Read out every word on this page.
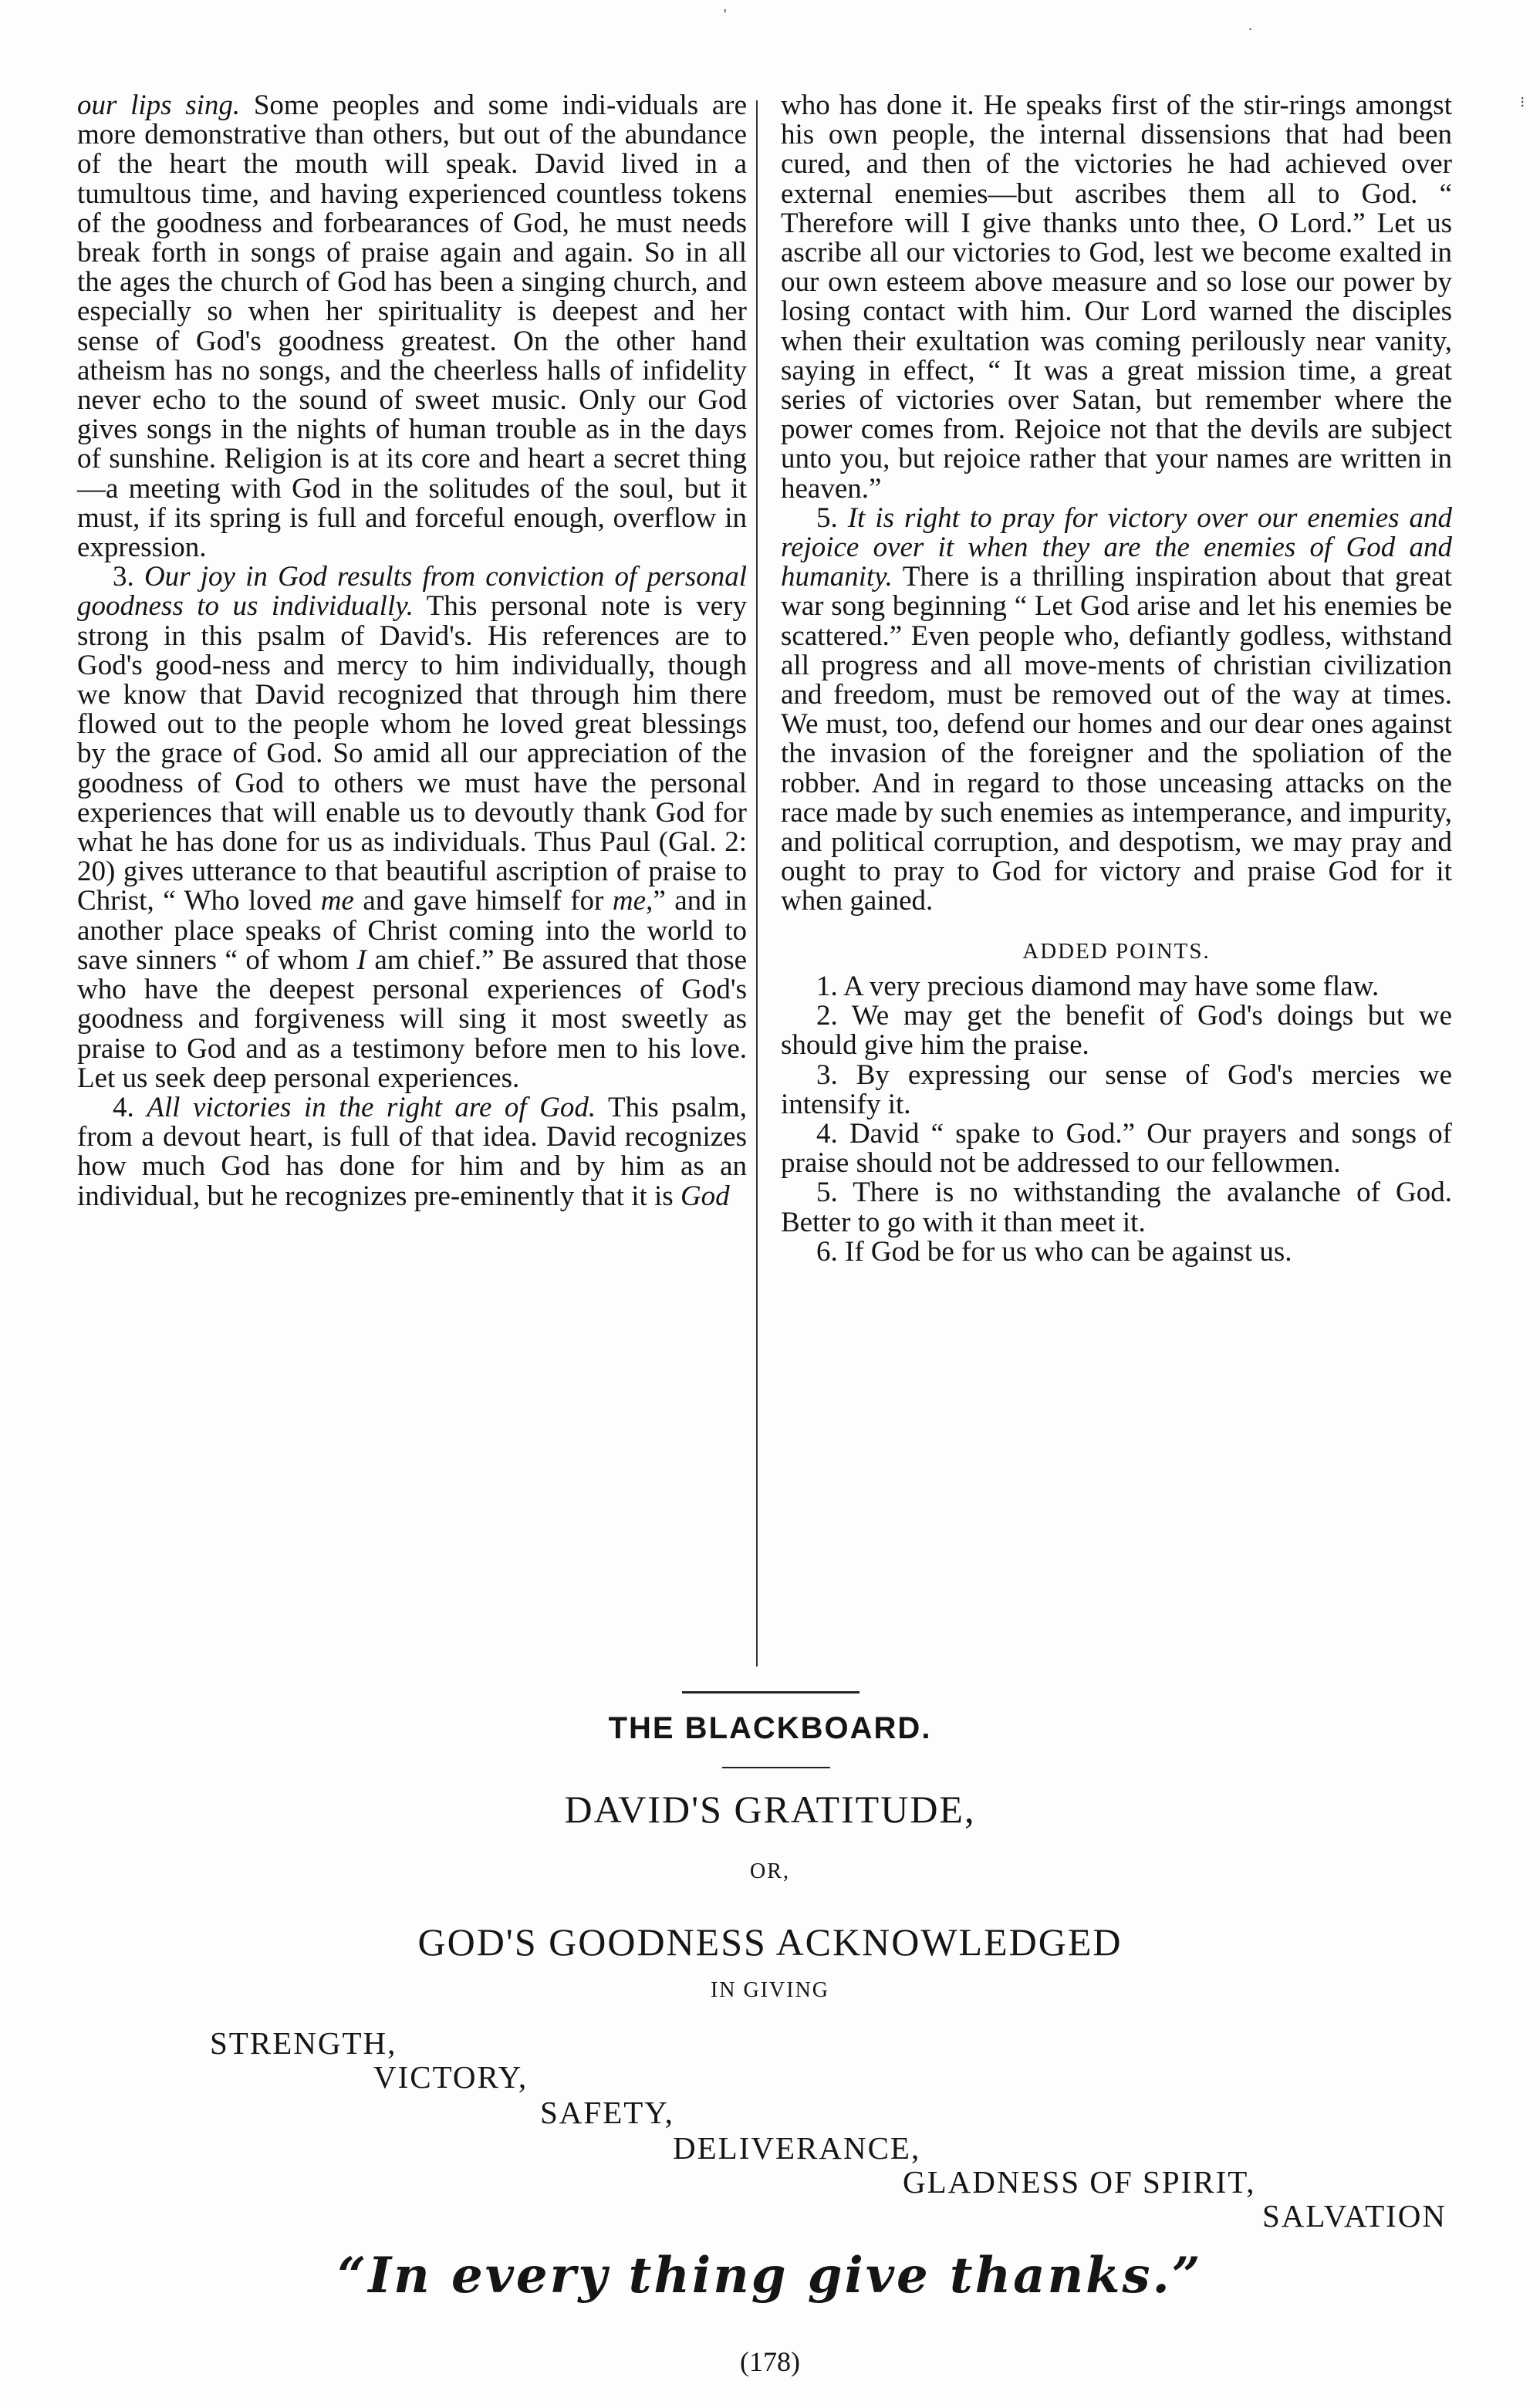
'
.
⁝

our lips sing. Some peoples and some indi-viduals are more demonstrative than others, but out of the abundance of the heart the mouth will speak. David lived in a tumultous time, and having experienced countless tokens of the goodness and forbearances of God, he must needs break forth in songs of praise again and again. So in all the ages the church of God has been a singing church, and especially so when her spirituality is deepest and her sense of God's goodness greatest. On the other hand atheism has no songs, and the cheerless halls of infidelity never echo to the sound of sweet music. Only our God gives songs in the nights of human trouble as in the days of sunshine. Religion is at its core and heart a secret thing—a meeting with God in the solitudes of the soul, but it must, if its spring is full and forceful enough, overflow in expression.

3. Our joy in God results from conviction of personal goodness to us individually. This personal note is very strong in this psalm of David's. His references are to God's good-ness and mercy to him individually, though we know that David recognized that through him there flowed out to the people whom he loved great blessings by the grace of God. So amid all our appreciation of the goodness of God to others we must have the personal experiences that will enable us to devoutly thank God for what he has done for us as individuals. Thus Paul (Gal. 2: 20) gives utterance to that beautiful ascription of praise to Christ, “ Who loved me and gave himself for me,” and in another place speaks of Christ coming into the world to save sinners “ of whom I am chief.” Be assured that those who have the deepest personal experiences of God's goodness and forgiveness will sing it most sweetly as praise to God and as a testimony before men to his love. Let us seek deep personal experiences.

4. All victories in the right are of God. This psalm, from a devout heart, is full of that idea. David recognizes how much God has done for him and by him as an individual, but he recognizes pre-eminently that it is God

who has done it. He speaks first of the stir-rings amongst his own people, the internal dissensions that had been cured, and then of the victories he had achieved over external enemies—but ascribes them all to God. “ Therefore will I give thanks unto thee, O Lord.” Let us ascribe all our victories to God, lest we become exalted in our own esteem above measure and so lose our power by losing contact with him. Our Lord warned the disciples when their exultation was coming perilously near vanity, saying in effect, “ It was a great mission time, a great series of victories over Satan, but remember where the power comes from. Rejoice not that the devils are subject unto you, but rejoice rather that your names are written in heaven.”

5. It is right to pray for victory over our enemies and rejoice over it when they are the enemies of God and humanity. There is a thrilling inspiration about that great war song beginning “ Let God arise and let his enemies be scattered.” Even people who, defiantly godless, withstand all progress and all move-ments of christian civilization and freedom, must be removed out of the way at times. We must, too, defend our homes and our dear ones against the invasion of the foreigner and the spoliation of the robber. And in regard to those unceasing attacks on the race made by such enemies as intemperance, and impurity, and political corruption, and despotism, we may pray and ought to pray to God for victory and praise God for it when gained.

ADDED POINTS.

1. A very precious diamond may have some flaw.

2. We may get the benefit of God's doings but we should give him the praise.

3. By expressing our sense of God's mercies we intensify it.

4. David “ spake to God.” Our prayers and songs of praise should not be addressed to our fellowmen.

5. There is no withstanding the avalanche of God. Better to go with it than meet it.

6. If God be for us who can be against us.

THE BLACKBOARD.
DAVID'S GRATITUDE,
OR,
GOD'S GOODNESS ACKNOWLEDGED
IN GIVING
STRENGTH,
VICTORY,
SAFETY,
DELIVERANCE,
GLADNESS OF SPIRIT,
SALVATION
“In every thing give thanks.”
(178)
